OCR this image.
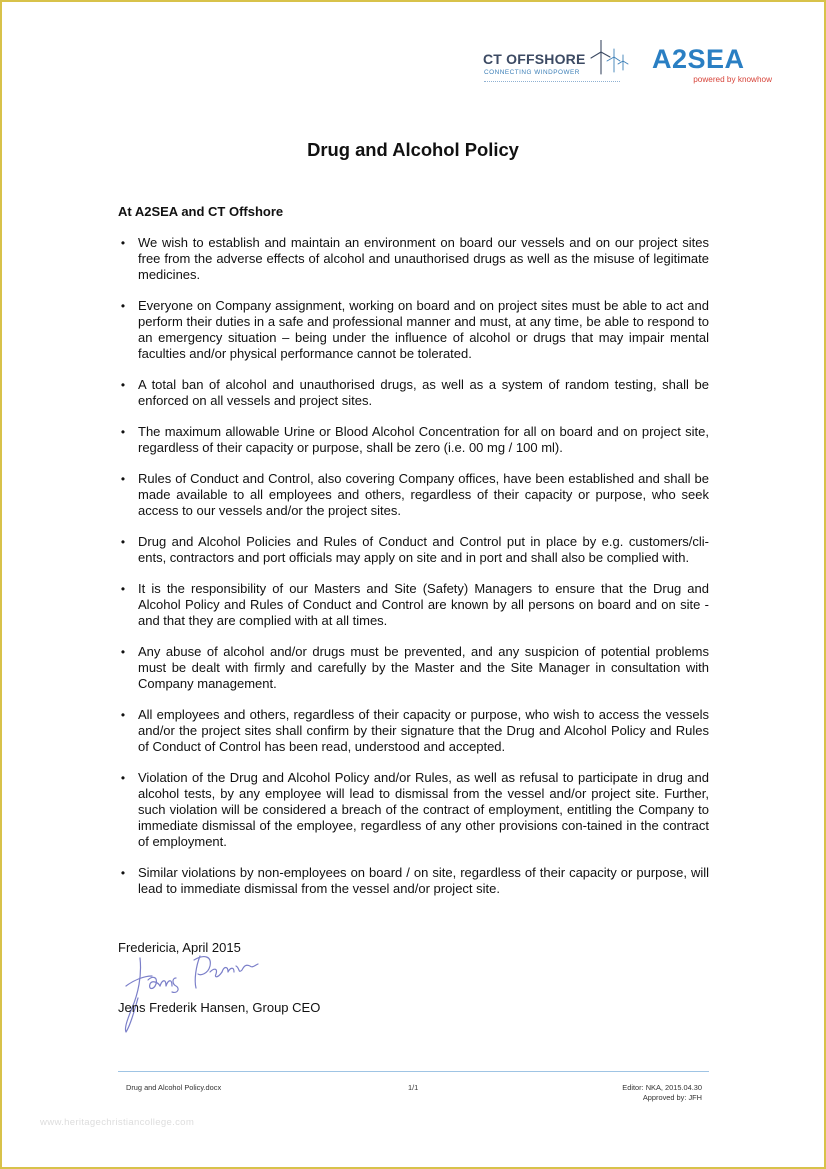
CT OFFSHORE
CONNECTING WINDPOWER	A2SEA
powered by knowhow
Drug and Alcohol Policy
At A2SEA and CT Offshore
• We wish to establish and maintain an environment on board our vessels and on our project sites free from the adverse effects of alcohol and unauthorised drugs as well as the misuse of legitimate medicines.
• Everyone on Company assignment, working on board and on project sites must be able to act and perform their duties in a safe and professional manner and must, at any time, be able to respond to an emergency situation – being under the influence of alcohol or drugs that may impair mental faculties and/or physical performance cannot be tolerated.
• A total ban of alcohol and unauthorised drugs, as well as a system of random testing, shall be enforced on all vessels and project sites.
• The maximum allowable Urine or Blood Alcohol Concentration for all on board and on project site, regardless of their capacity or purpose, shall be zero (i.e. 00 mg / 100 ml).
• Rules of Conduct and Control, also covering Company offices, have been established and shall be made available to all employees and others, regardless of their capacity or purpose, who seek access to our vessels and/or the project sites.
• Drug and Alcohol Policies and Rules of Conduct and Control put in place by e.g. customers/cli-ents, contractors and port officials may apply on site and in port and shall also be complied with.
• It is the responsibility of our Masters and Site (Safety) Managers to ensure that the Drug and Alcohol Policy and Rules of Conduct and Control are known by all persons on board and on site - and that they are complied with at all times.
• Any abuse of alcohol and/or drugs must be prevented, and any suspicion of potential problems must be dealt with firmly and carefully by the Master and the Site Manager in consultation with Company management.
• All employees and others, regardless of their capacity or purpose, who wish to access the vessels and/or the project sites shall confirm by their signature that the Drug and Alcohol Policy and Rules of Conduct of Control has been read, understood and accepted.
• Violation of the Drug and Alcohol Policy and/or Rules, as well as refusal to participate in drug and alcohol tests, by any employee will lead to dismissal from the vessel and/or project site. Further, such violation will be considered a breach of the contract of employment, entitling the Company to immediate dismissal of the employee, regardless of any other provisions con-tained in the contract of employment.
• Similar violations by non-employees on board / on site, regardless of their capacity or purpose, will lead to immediate dismissal from the vessel and/or project site.
Fredericia, April 2015
Jens Frederik Hansen, Group CEO
Drug and Alcohol Policy.docx	1/1	Editor: NKA, 2015.04.30
Approved by: JFH
www.heritagechristiancollege.com
